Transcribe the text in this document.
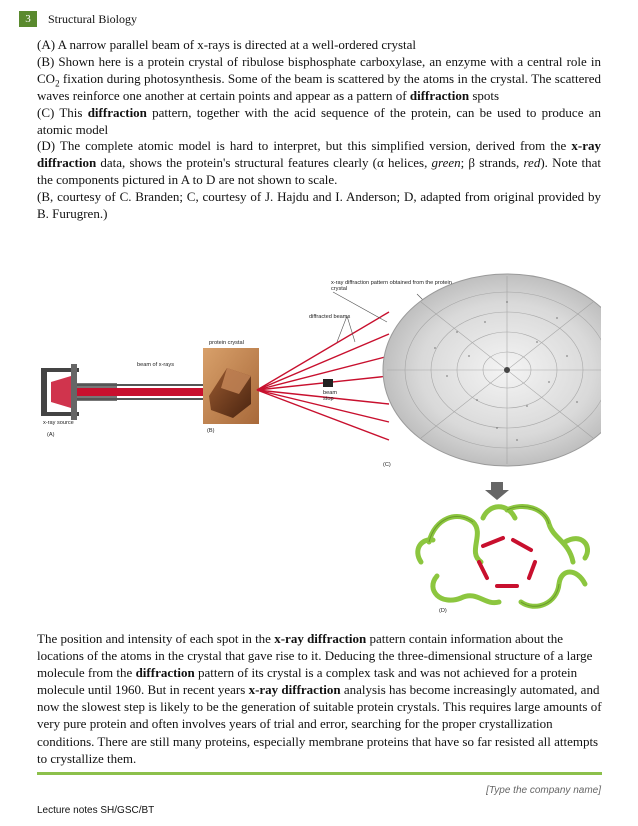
3	Structural Biology

(A) A narrow parallel beam of x-rays is directed at a well-ordered crystal

(B) Shown here is a protein crystal of ribulose bisphosphate carboxylase, an enzyme with a central role in $CO_2$ fixation during photosynthesis. Some of the beam is scattered by the atoms in the crystal. The scattered waves reinforce one another at certain points and appear as a pattern of diffraction spots

(C) This diffraction pattern, together with the acid sequence of the protein, can be used to produce an atomic model

(D) The complete atomic model is hard to interpret, but this simplified version, derived from the x-ray diffraction data, shows the protein's structural features clearly (α helices, green; β strands, red). Note that the components pictured in A to D are not shown to scale.

(B, courtesy of C. Branden; C, courtesy of J. Hajdu and I. Anderson; D, adapted from original provided by B. Furugren.)

x-ray diffraction pattern obtained from the protein crystal
diffracted beams
protein crystal
beam of x-rays
beam stop
x-ray source
(A)
(B)
(C)
(D)

The position and intensity of each spot in the x-ray diffraction pattern contain information about the locations of the atoms in the crystal that gave rise to it. Deducing the three-dimensional structure of a large molecule from the diffraction pattern of its crystal is a complex task and was not achieved for a protein molecule until 1960. But in recent years x-ray diffraction analysis has become increasingly automated, and now the slowest step is likely to be the generation of suitable protein crystals. This requires large amounts of very pure protein and often involves years of trial and error, searching for the proper crystallization conditions. There are still many proteins, especially membrane proteins that have so far resisted all attempts to crystallize them.

[Type the company name]
Lecture notes SH/GSC/BT
